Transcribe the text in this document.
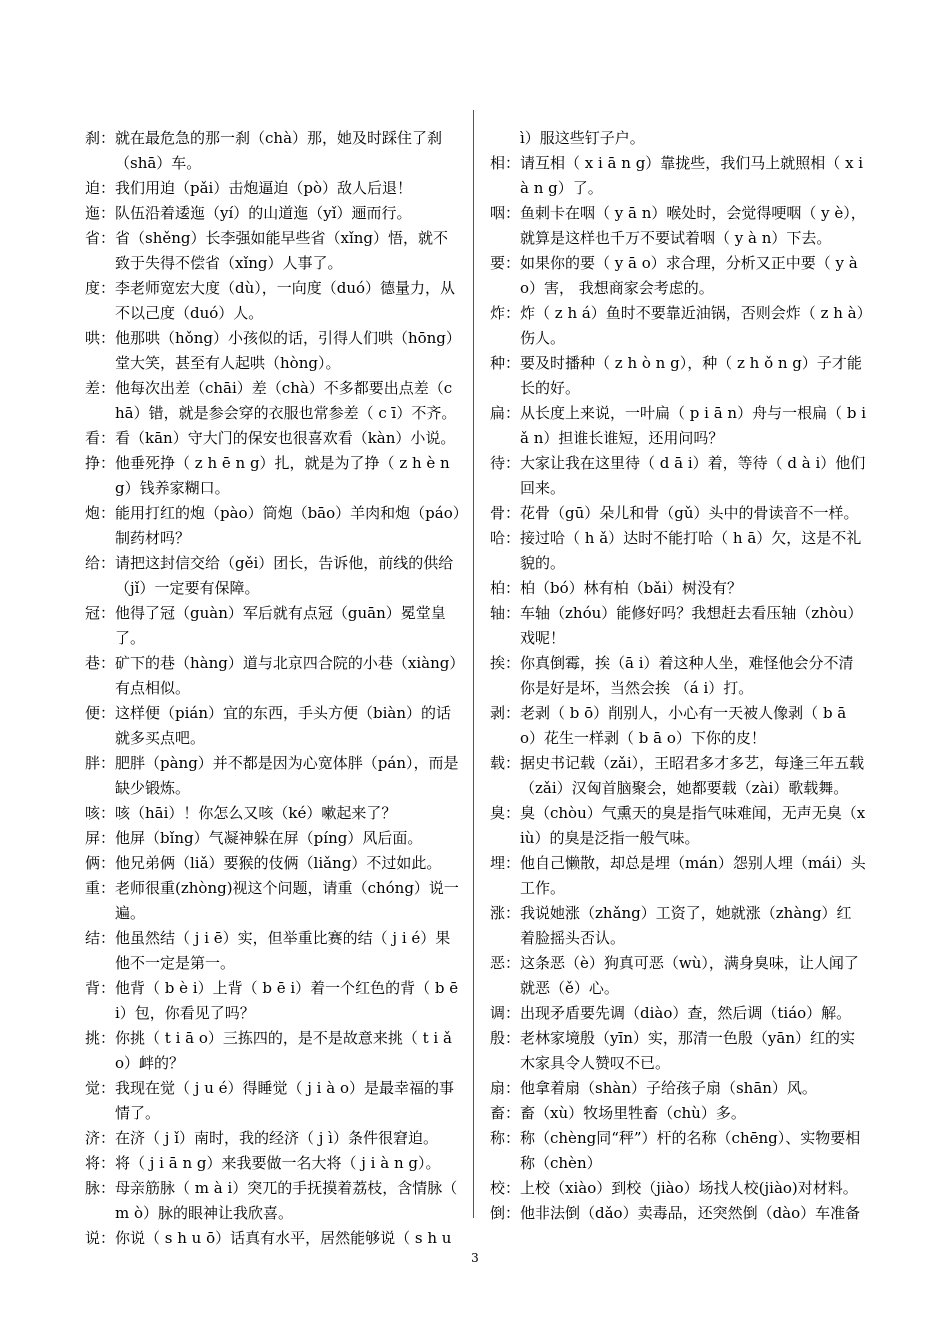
刹：就在最危急的那一刹（chà）那，她及时踩住了刹（shā）车。

迫：我们用迫（pǎi）击炮逼迫（pò）敌人后退！

迤：队伍沿着逶迤（yí）的山道迤（yǐ）逦而行。

省：省（shěng）长李强如能早些省（xǐng）悟，就不致于失得不偿省（xǐng）人事了。

度：李老师宽宏大度（dù），一向度（duó）德量力，从不以己度（duó）人。

哄：他那哄（hǒng）小孩似的话，引得人们哄（hōng）堂大笑，甚至有人起哄（hòng）。

差：他每次出差（chāi）差（chà）不多都要出点差（chā）错，就是参会穿的衣服也常参差（ c ī）不齐。

看：看（kān）守大门的保安也很喜欢看（kàn）小说。

挣：他垂死挣（ z h ē n g）扎，就是为了挣（ z h è n g）钱养家糊口。

炮：能用打红的炮（pào）筒炮（bāo）羊肉和炮（páo）制药材吗？

给：请把这封信交给（gěi）团长，告诉他，前线的供给（jǐ）一定要有保障。

冠：他得了冠（guàn）军后就有点冠（guān）冕堂皇了。

巷：矿下的巷（hàng）道与北京四合院的小巷（xiàng）有点相似。

便：这样便（pián）宜的东西，手头方便（biàn）的话就多买点吧。

胖：肥胖（pàng）并不都是因为心宽体胖（pán），而是缺少锻炼。

咳：咳（hāi）！你怎么又咳（ké）嗽起来了？

屏：他屏（bǐng）气凝神躲在屏（píng）风后面。

俩：他兄弟俩（liǎ）要猴的伎俩（liǎng）不过如此。

重：老师很重(zhòng)视这个问题，请重（chóng）说一遍。

结：他虽然结（ j i ē）实，但举重比赛的结（ j i é）果他不一定是第一。

背：他背（ b è i）上背（ b ē i）着一个红色的背（ b ē i）包，你看见了吗？

挑：你挑（ t i ā o）三拣四的，是不是故意来挑（ t i ǎ o）衅的？

觉：我现在觉（ j u é）得睡觉（ j i à o）是最幸福的事情了。

济：在济（ j ǐ）南时，我的经济（ j ì）条件很窘迫。

将：将（ j i ā n g）来我要做一名大将（ j i à n g）。

脉：母亲筋脉（ m à i）突兀的手抚摸着荔枝，含情脉（ m ò）脉的眼神让我欣喜。

说：你说（ s h u ō）话真有水平，居然能够说（ s h u

ì）服这些钉子户。

相：请互相（ x i ā n g）靠拢些，我们马上就照相（ x i à n g）了。

咽：鱼刺卡在咽（ y ā n）喉处时，会觉得哽咽（ y è），就算是这样也千万不要试着咽（ y à n）下去。

要：如果你的要（ y ā o）求合理，分析又正中要（ y à o）害， 我想商家会考虑的。

炸：炸（ z h á）鱼时不要靠近油锅，否则会炸（ z h à）伤人。

种：要及时播种（ z h ò n g），种（ z h ǒ n g）子才能长的好。

扁：从长度上来说，一叶扁（ p i ā n）舟与一根扁（ b i ǎ n）担谁长谁短，还用问吗？

待：大家让我在这里待（ d ā i）着，等待（ d à i）他们回来。

骨：花骨（gū）朵儿和骨（gǔ）头中的骨读音不一样。

哈：接过哈（ h ǎ）达时不能打哈（ h ā）欠，这是不礼貌的。

柏：柏（bó）林有柏（bǎi）树没有？

轴：车轴（zhóu）能修好吗？我想赶去看压轴（zhòu）戏呢！

挨：你真倒霉，挨（ā i）着这种人坐，难怪他会分不清你是好是坏，当然会挨 （á i）打。

剥：老剥（ b ō）削别人，小心有一天被人像剥（ b ā o）花生一样剥（ b ā o）下你的皮！

载：据史书记载（zǎi），王昭君多才多艺，每逢三年五载（zǎi）汉匈首脑聚会，她都要载（zài）歌载舞。

臭：臭（chòu）气熏天的臭是指气味难闻，无声无臭（xiù）的臭是泛指一般气味。

埋：他自己懒散，却总是埋（mán）怨别人埋（mái）头工作。

涨：我说她涨（zhǎng）工资了，她就涨（zhàng）红着脸摇头否认。

恶：这条恶（è）狗真可恶（wù），满身臭味，让人闻了就恶（ě）心。

调：出现矛盾要先调（diào）查，然后调（tiáo）解。

殷：老林家境殷（yīn）实，那清一色殷（yān）红的实木家具令人赞叹不已。

扇：他拿着扇（shàn）子给孩子扇（shān）风。

畜：畜（xù）牧场里牲畜（chù）多。

称：称（chèng同“秤”）杆的名称（chēng）、实物要相称（chèn）

校：上校（xiào）到校（jiào）场找人校(jiào)对材料。

倒：他非法倒（dǎo）卖毒品，还突然倒（dào）车准备

3
